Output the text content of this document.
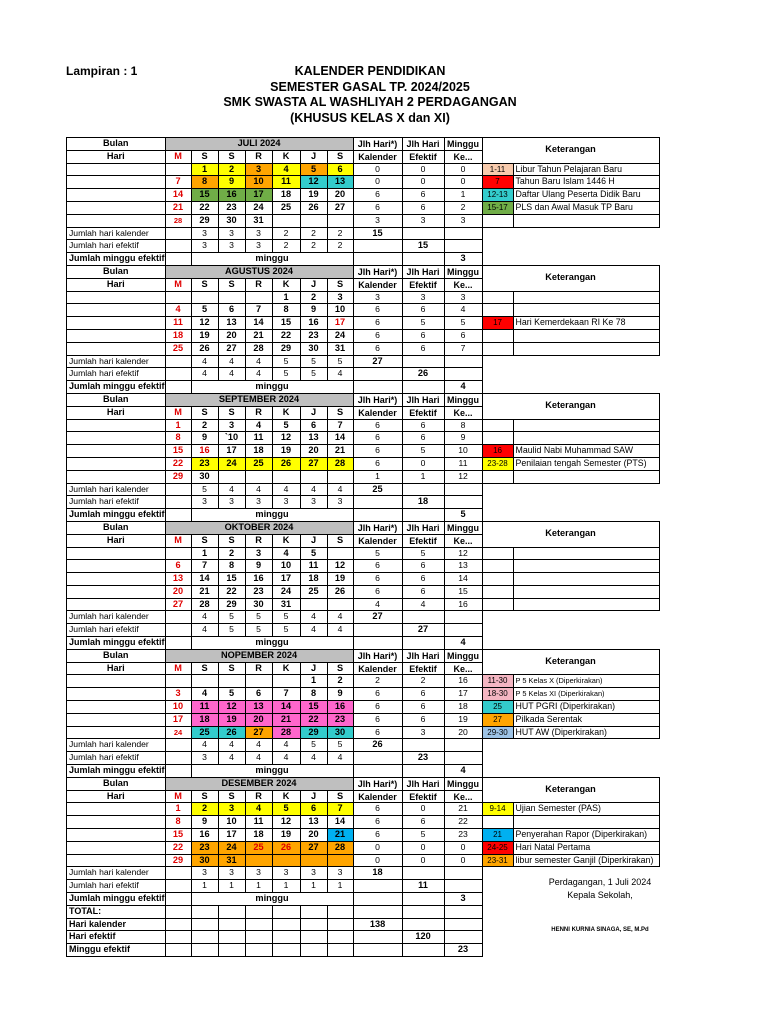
Lampiran : 1	KALENDER PENDIDIKAN
SEMESTER GASAL TP. 2024/2025
SMK SWASTA AL WASHLIYAH 2 PERDAGANGAN
(KHUSUS KELAS X dan XI)
Bulan	JULI 2024							Jlh Hari*)	Jlh Hari	Minggu	Keterangan	
Hari	M	S	S	R	K	J	S	Kalender	Efektif	Ke...		
		1	2	3	4	5	6	0	0	0	1-11	Libur Tahun Pelajaran Baru
	7	8	9	10	11	12	13	0	0	0	7	Tahun Baru Islam 1446 H
	14	15	16	17	18	19	20	6	6	1	12-13	Daftar Ulang Peserta Didik Baru
	21	22	23	24	25	26	27	6	6	2	15-17	PLS dan Awal Masuk TP Baru
	28	29	30	31				3	3	3		
Jumlah hari kalender		3	3	3	2	2	2	15				
Jumlah hari efektif		3	3	3	2	2	2		15			
Jumlah minggu efektif		minggu								3		
Bulan	AGUSTUS 2024							Jlh Hari*)	Jlh Hari	Minggu	Keterangan	
Hari	M	S	S	R	K	J	S	Kalender	Efektif	Ke...		
					1	2	3	3	3	3		
	4	5	6	7	8	9	10	6	6	4		
	11	12	13	14	15	16	17	6	5	5	17	Hari Kemerdekaan RI Ke 78
	18	19	20	21	22	23	24	6	6	6		
	25	26	27	28	29	30	31	6	6	7		
Jumlah hari kalender		4	4	4	5	5	5	27				
Jumlah hari efektif		4	4	4	5	5	4		26			
Jumlah minggu efektif		minggu								4		
Bulan	SEPTEMBER 2024							Jlh Hari*)	Jlh Hari	Minggu	Keterangan	
Hari	M	S	S	R	K	J	S	Kalender	Efektif	Ke...		
	1	2	3	4	5	6	7	6	6	8		
	8	9	`10	11	12	13	14	6	6	9		
	15	16	17	18	19	20	21	6	5	10	16	Maulid Nabi Muhammad SAW
	22	23	24	25	26	27	28	6	0	11	23-28	Penilaian tengah Semester (PTS)
	29	30						1	1	12		
Jumlah hari kalender		5	4	4	4	4	4	25				
Jumlah hari efektif		3	3	3	3	3	3		18			
Jumlah minggu efektif		minggu								5		
Bulan	OKTOBER 2024							Jlh Hari*)	Jlh Hari	Minggu	Keterangan	
Hari	M	S	S	R	K	J	S	Kalender	Efektif	Ke...		
		1	2	3	4	5		5	5	12		
	6	7	8	9	10	11	12	6	6	13		
	13	14	15	16	17	18	19	6	6	14		
	20	21	22	23	24	25	26	6	6	15		
	27	28	29	30	31			4	4	16		
Jumlah hari kalender		4	5	5	5	4	4	27				
Jumlah hari efektif		4	5	5	5	4	4		27			
Jumlah minggu efektif		minggu								4		
Bulan	NOPEMBER 2024							Jlh Hari*)	Jlh Hari	Minggu	Keterangan	
Hari	M	S	S	R	K	J	S	Kalender	Efektif	Ke...		
						1	2	2	2	16	11-30	P 5 Kelas X (Diperkirakan)
	3	4	5	6	7	8	9	6	6	17	18-30	P 5 Kelas XI (Diperkirakan)
	10	11	12	13	14	15	16	6	6	18	25	HUT PGRI (Diperkirakan)
	17	18	19	20	21	22	23	6	6	19	27	Pilkada Serentak
	24	25	26	27	28	29	30	6	3	20	29-30	HUT AW (Diperkirakan)
Jumlah hari kalender		4	4	4	4	5	5	26				
Jumlah hari efektif		3	4	4	4	4	4		23			
Jumlah minggu efektif		minggu								4		
Bulan	DESEMBER 2024							Jlh Hari*)	Jlh Hari	Minggu	Keterangan	
Hari	M	S	S	R	K	J	S	Kalender	Efektif	Ke...		
	1	2	3	4	5	6	7	6	0	21	9-14	Ujian Semester (PAS)
	8	9	10	11	12	13	14	6	6	22		
	15	16	17	18	19	20	21	6	5	23	21	Penyerahan Rapor (Diperkirakan)
	22	23	24	25	26	27	28	0	0	0	24-25	Hari Natal Pertama
	29	30	31					0	0	0	23-31	libur semester Ganjil (Diperkirakan)
Jumlah hari kalender		3	3	3	3	3	3	18				
Jumlah hari efektif		1	1	1	1	1	1		11			
Jumlah minggu efektif		minggu								3		
TOTAL:												
Hari kalender								138				
Hari efektif									120			
Minggu efektif										23		
Perdagangan, 1 Juli 2024
Kepala Sekolah,
HENNI KURNIA SINAGA, SE, M.Pd
